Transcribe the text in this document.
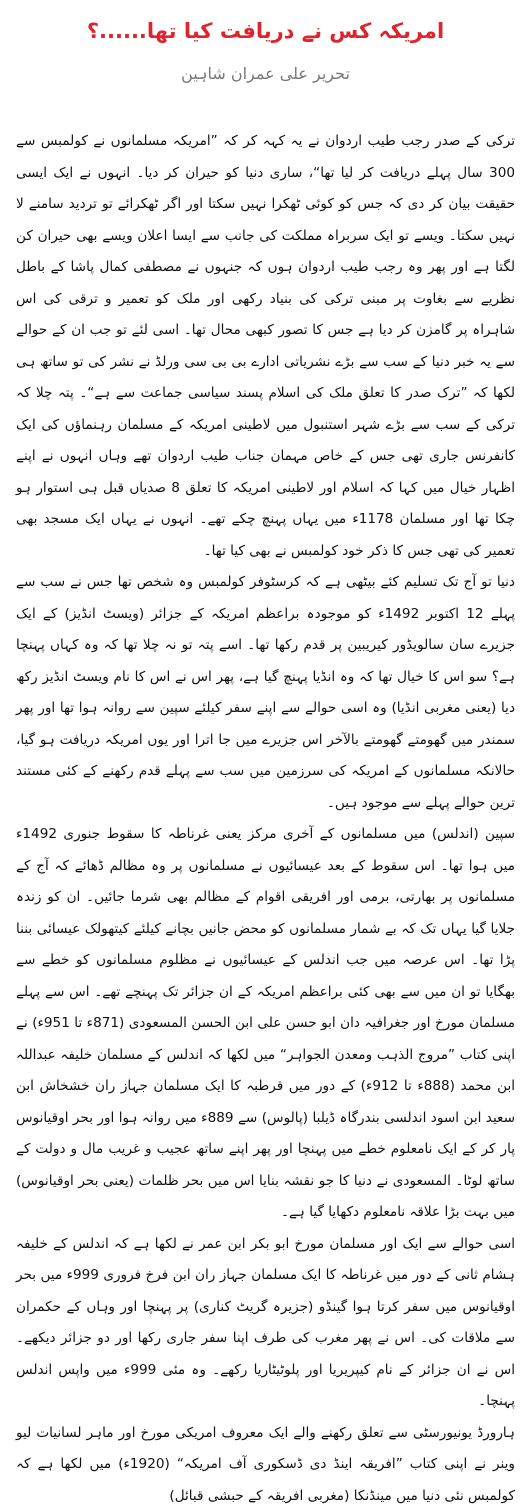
امریکہ کس نے دریافت کیا تھا......؟
تحریر علی عمران شاہین

ترکی کے صدر رجب طیب اردوان نے یہ کہہ کر کہ ”امریکہ مسلمانوں نے کولمبس سے 300 سال پہلے دریافت کر لیا تھا“، ساری دنیا کو حیران کر دیا۔ انہوں نے ایک ایسی حقیقت بیان کر دی کہ جس کو کوئی ٹھکرا نہیں سکتا اور اگر ٹھکرائے تو تردید سامنے لا نہیں سکتا۔ ویسے تو ایک سربراہ مملکت کی جانب سے ایسا اعلان ویسے بھی حیران کن لگتا ہے اور پھر وہ رجب طیب اردوان ہوں کہ جنہوں نے مصطفی کمال پاشا کے باطل نظریے سے بغاوت پر مبنی ترکی کی بنیاد رکھی اور ملک کو تعمیر و ترقی کی اس شاہراہ پر گامزن کر دیا ہے جس کا تصور کبھی محال تھا۔ اسی لئے تو جب ان کے حوالے سے یہ خبر دنیا کے سب سے بڑے نشریاتی ادارے بی بی سی ورلڈ نے نشر کی تو ساتھ ہی لکھا کہ ”ترک صدر کا تعلق ملک کی اسلام پسند سیاسی جماعت سے ہے“۔ پتہ چلا کہ ترکی کے سب سے بڑے شہر استنبول میں لاطینی امریکہ کے مسلمان رہنماؤں کی ایک کانفرنس جاری تھی جس کے خاص مہمان جناب طیب اردوان تھے وہاں انہوں نے اپنے اظہار خیال میں کہا کہ اسلام اور لاطینی امریکہ کا تعلق 8 صدیاں قبل ہی استوار ہو چکا تھا اور مسلمان 1178ء میں یہاں پہنچ چکے تھے۔ انہوں نے یہاں ایک مسجد بھی تعمیر کی تھی جس کا ذکر خود کولمبس نے بھی کیا تھا۔

دنیا تو آج تک تسلیم کئے بیٹھی ہے کہ کرسٹوفر کولمبس وہ شخص تھا جس نے سب سے پہلے 12 اکتوبر 1492ء کو موجودہ براعظم امریکہ کے جزائر (ویسٹ انڈیز) کے ایک جزیرے سان سالویڈور کیریبین پر قدم رکھا تھا۔ اسے پتہ تو نہ چلا تھا کہ وہ کہاں پہنچا ہے؟ سو اس کا خیال تھا کہ وہ انڈیا پہنچ گیا ہے، پھر اس نے اس کا نام ویسٹ انڈیز رکھ دیا (یعنی مغربی انڈیا) وہ اسی حوالے سے اپنے سفر کیلئے سپین سے روانہ ہوا تھا اور پھر سمندر میں گھومتے گھومتے بالآخر اس جزیرے میں جا اترا اور یوں امریکہ دریافت ہو گیا، حالانکہ مسلمانوں کے امریکہ کی سرزمین میں سب سے پہلے قدم رکھنے کے کئی مستند ترین حوالے پہلے سے موجود ہیں۔

سپین (اندلس) میں مسلمانوں کے آخری مرکز یعنی غرناطہ کا سقوط جنوری 1492ء میں ہوا تھا۔ اس سقوط کے بعد عیسائیوں نے مسلمانوں پر وہ مظالم ڈھائے کہ آج کے مسلمانوں پر بھارتی، برمی اور افریقی اقوام کے مظالم بھی شرما جائیں۔ ان کو زندہ جلایا گیا یہاں تک کہ بے شمار مسلمانوں کو محض جانیں بچانے کیلئے کیتھولک عیسائی بننا پڑا تھا۔ اس عرصہ میں جب اندلس کے عیسائیوں نے مظلوم مسلمانوں کو خطے سے بھگایا تو ان میں سے بھی کئی براعظم امریکہ کے ان جزائر تک پہنچے تھے۔ اس سے پہلے مسلمان مورخ اور جغرافیہ دان ابو حسن علی ابن الحسن المسعودی (871ء تا 951ء) نے اپنی کتاب ”مروج الذہب ومعدن الجواہر“ میں لکھا کہ اندلس کے مسلمان خلیفہ عبداللہ ابن محمد (888ء تا 912ء) کے دور میں قرطبہ کا ایک مسلمان جہاز ران خشخاش ابن سعید ابن اسود اندلسی بندرگاہ ڈیلبا (پالوس) سے 889ء میں روانہ ہوا اور بحر اوقیانوس پار کر کے ایک نامعلوم خطے میں پہنچا اور پھر اپنے ساتھ عجیب و غریب مال و دولت کے ساتھ لوٹا۔ المسعودی نے دنیا کا جو نقشہ بنایا اس میں بحر ظلمات (یعنی بحر اوقیانوس) میں بہت بڑا علاقہ نامعلوم دکھایا گیا ہے۔

اسی حوالے سے ایک اور مسلمان مورخ ابو بکر ابن عمر نے لکھا ہے کہ اندلس کے خلیفہ ہشام ثانی کے دور میں غرناطہ کا ایک مسلمان جہاز ران ابن فرخ فروری 999ء میں بحر اوقیانوس میں سفر کرتا ہوا گینڈو (جزیرہ گریٹ کناری) پر پہنچا اور وہاں کے حکمران سے ملاقات کی۔ اس نے پھر مغرب کی طرف اپنا سفر جاری رکھا اور دو جزائر دیکھے۔ اس نے ان جزائر کے نام کیپریریا اور پلوٹیٹاریا رکھے۔ وہ مئی 999ء میں واپس اندلس پہنچا۔

ہارورڈ یونیورسٹی سے تعلق رکھنے والے ایک معروف امریکی مورخ اور ماہر لسانیات لیو وینر نے اپنی کتاب ”افریقہ اینڈ دی ڈسکوری آف امریکہ“ (1920ء) میں لکھا ہے کہ کولمبس نئی دنیا میں مینڈنکا (مغربی افریقہ کے حبشی قبائل)
